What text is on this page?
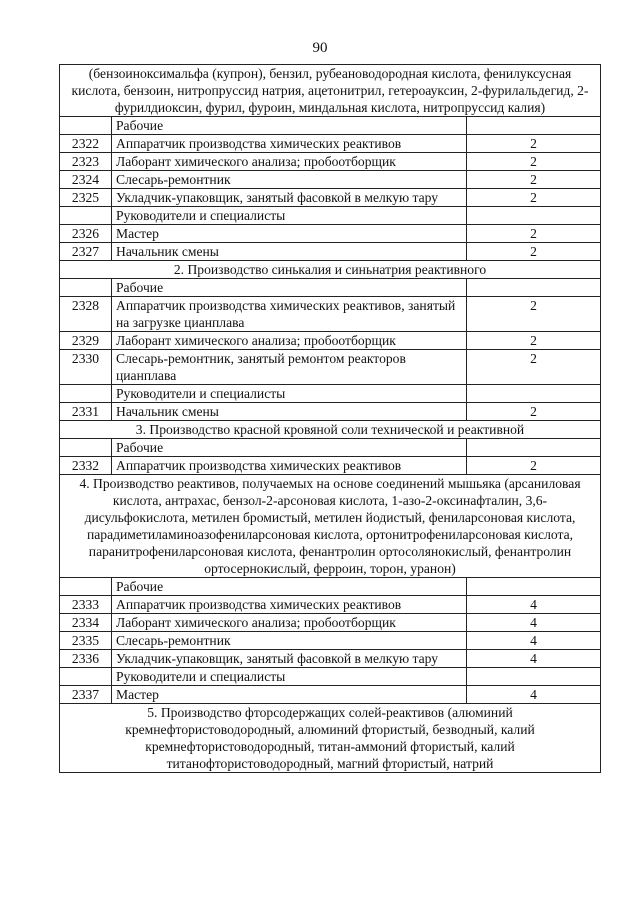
90
(бензоиноксимальфа (купрон), бензил, рубеановодородная кислота, фенилуксусная кислота, бензоин, нитропруссид натрия, ацетонитрил, гетероауксин, 2-фурилальдегид, 2-фурилдиоксин, фурил, фуроин, миндальная кислота, нитропруссид калия)		
	Рабочие	
2322	Аппаратчик производства химических реактивов	2
2323	Лаборант химического анализа; пробоотборщик	2
2324	Слесарь-ремонтник	2
2325	Укладчик-упаковщик, занятый фасовкой в мелкую тару	2
	Руководители и специалисты	
2326	Мастер	2
2327	Начальник смены	2
2. Производство синькалия и синьнатрия реактивного		
	Рабочие	
2328	Аппаратчик производства химических реактивов, занятый на загрузке цианплава	2
2329	Лаборант химического анализа; пробоотборщик	2
2330	Слесарь-ремонтник, занятый ремонтом реакторов цианплава	2
	Руководители и специалисты	
2331	Начальник смены	2
3. Производство красной кровяной соли технической и реактивной		
	Рабочие	
2332	Аппаратчик производства химических реактивов	2
4. Производство реактивов, получаемых на основе соединений мышьяка (арсаниловая кислота, антрахас, бензол-2-арсоновая кислота, 1-азо-2-оксинафталин, 3,6-дисульфокислота, метилен бромистый, метилен йодистый, фениларсоновая кислота, парадиметиламиноазофениларсоновая кислота, ортонитрофениларсоновая кислота, паранитрофениларсоновая кислота, фенантролин ортосолянокислый, фенантролин ортосернокислый, ферроин, торон, уранон)		
	Рабочие	
2333	Аппаратчик производства химических реактивов	4
2334	Лаборант химического анализа; пробоотборщик	4
2335	Слесарь-ремонтник	4
2336	Укладчик-упаковщик, занятый фасовкой в мелкую тару	4
	Руководители и специалисты	
2337	Мастер	4
5. Производство фторсодержащих солей-реактивов (алюминий кремнефтористоводородный, алюминий фтористый, безводный, калий кремнефтористоводородный, титан-аммоний фтористый, калий титанофтористоводородный, магний фтористый, натрий		
